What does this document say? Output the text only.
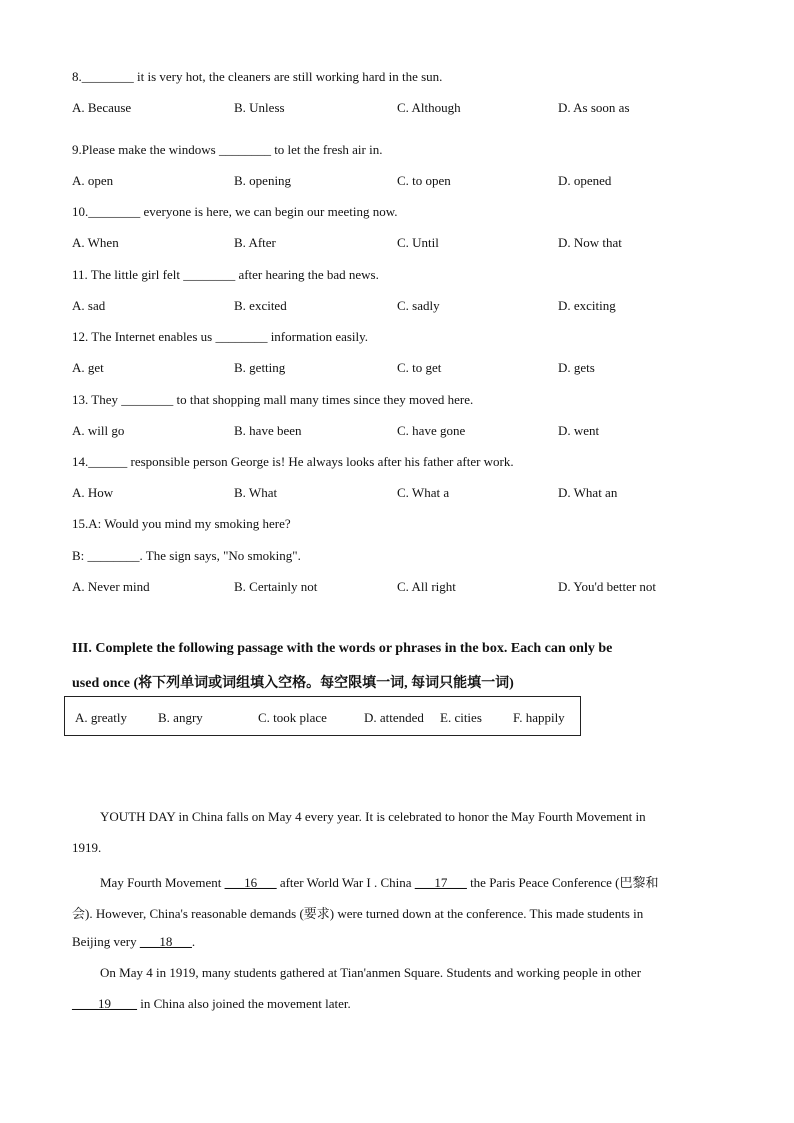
8.________ it is very hot, the cleaners are still working hard in the sun.
A. Because	B. Unless	C. Although	D. As soon as
9.Please make the windows ________ to let the fresh air in.
A. open	B. opening	C. to open	D. opened
10.________ everyone is here, we can begin our meeting now.
A. When	B. After	C. Until	D. Now that
11. The little girl felt ________ after hearing the bad news.
A. sad	B. excited	C. sadly	D. exciting
12. The Internet enables us ________ information easily.
A. get	B. getting	C. to get	D. gets
13. They ________ to that shopping mall many times since they moved here.
A. will go	B. have been	C. have gone	D. went
14.______ responsible person George is! He always looks after his father after work.
A. How	B. What	C. What a	D. What an
15.A: Would you mind my smoking here?
B: ________. The sign says, "No smoking".
A. Never mind	B. Certainly not	C. All right	D. You'd better not
III. Complete the following passage with the words or phrases in the box. Each can only be
used once (将下列单词或词组填入空格。每空限填一词, 每词只能填一词)
A. greatly B. angry	C. took place	D. attended E. cities F. happily
YOUTH DAY in China falls on May 4 every year. It is celebrated to honor the May Fourth Movement in
1919.
May Fourth Movement ___16___ after World War I . China ___17___ the Paris Peace Conference (巴黎和
会). However, China's reasonable demands (要求) were turned down at the conference. This made students in
Beijing very ___18___.
On May 4 in 1919, many students gathered at Tian'anmen Square. Students and working people in other
____19____ in China also joined the movement later.
